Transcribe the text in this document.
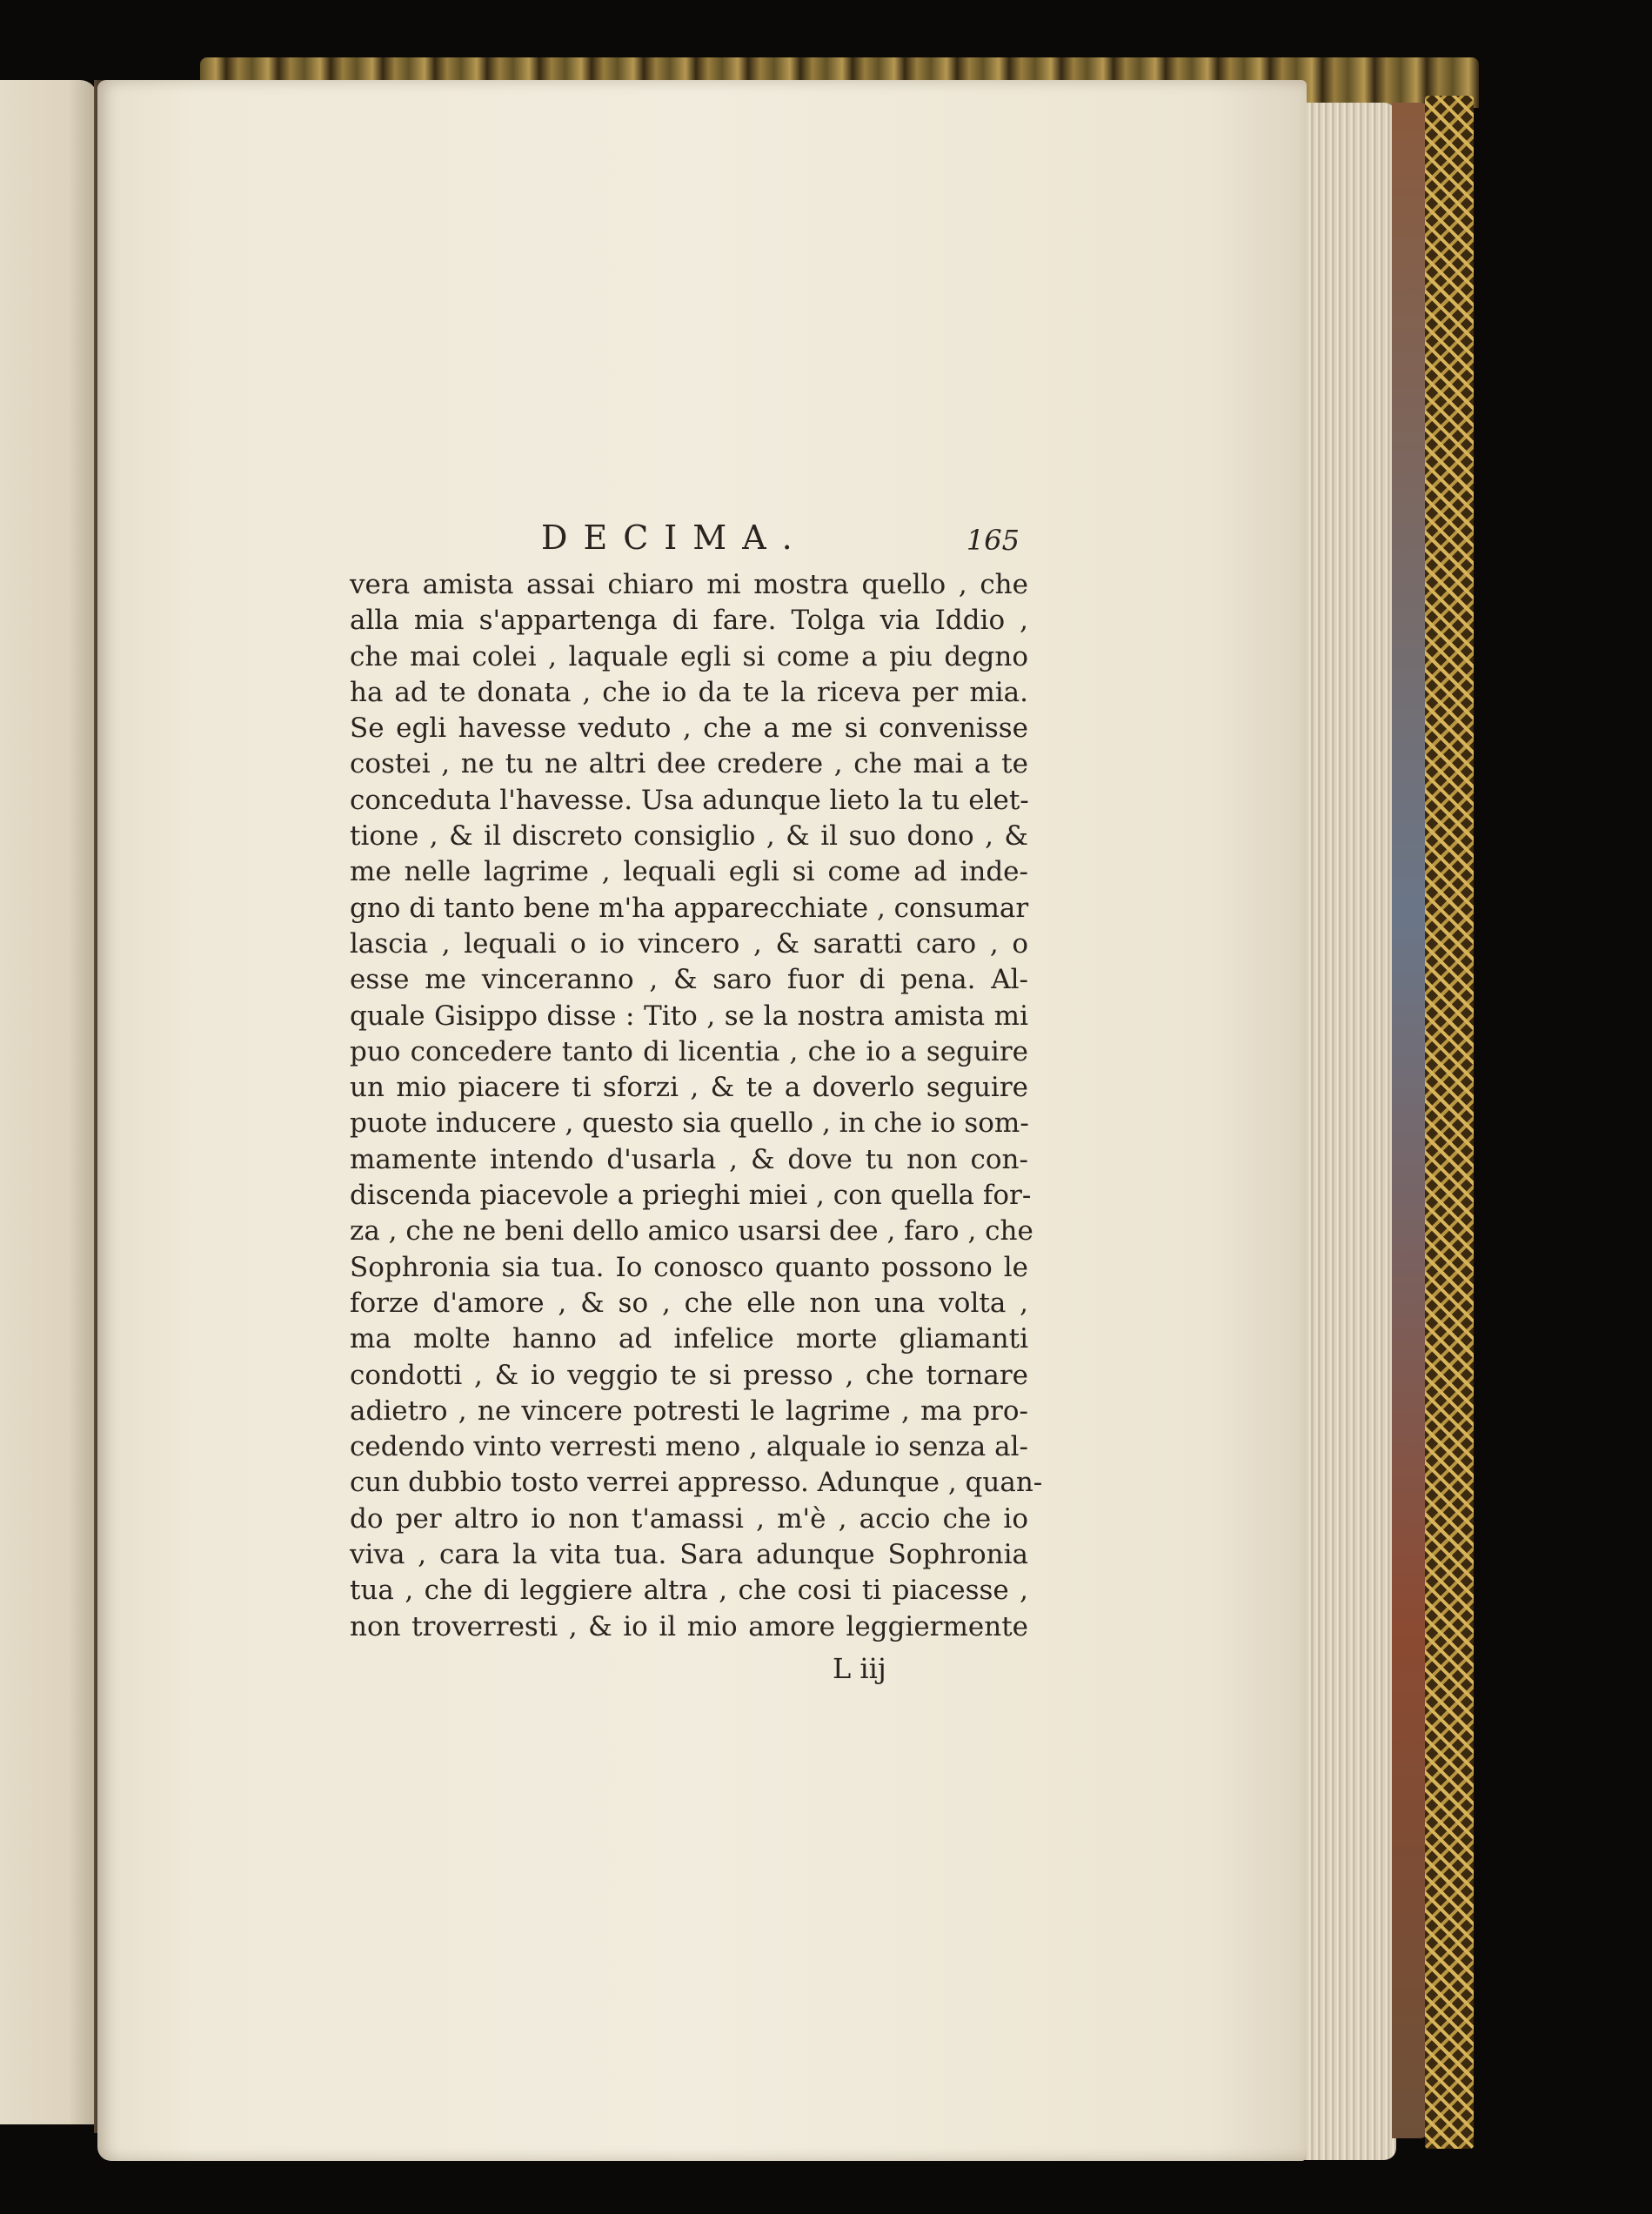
DECIMA.	165
vera amista assai chiaro mi mostra quello , che
alla mia s'appartenga di fare. Tolga via Iddio ,
che mai colei , laquale egli si come a piu degno
ha ad te donata , che io da te la riceva per mia.
Se egli havesse veduto , che a me si convenisse
costei , ne tu ne altri dee credere , che mai a te
conceduta l'havesse. Usa adunque lieto la tu elet-
tione , & il discreto consiglio , & il suo dono , &
me nelle lagrime , lequali egli si come ad inde-
gno di tanto bene m'ha apparecchiate , consumar
lascia , lequali o io vincero , & saratti caro , o
esse me vinceranno , & saro fuor di pena. Al-
quale Gisippo disse : Tito , se la nostra amista mi
puo concedere tanto di licentia , che io a seguire
un mio piacere ti sforzi , & te a doverlo seguire
puote inducere , questo sia quello , in che io som-
mamente intendo d'usarla , & dove tu non con-
discenda piacevole a prieghi miei , con quella for-
za , che ne beni dello amico usarsi dee , faro , che
Sophronia sia tua. Io conosco quanto possono le
forze d'amore , & so , che elle non una volta ,
ma molte hanno ad infelice morte gliamanti
condotti , & io veggio te si presso , che tornare
adietro , ne vincere potresti le lagrime , ma pro-
cedendo vinto verresti meno , alquale io senza al-
cun dubbio tosto verrei appresso. Adunque , quan-
do per altro io non t'amassi , m'è , accio che io
viva , cara la vita tua. Sara adunque Sophronia
tua , che di leggiere altra , che cosi ti piacesse ,
non troverresti , & io il mio amore leggiermente
L iij
